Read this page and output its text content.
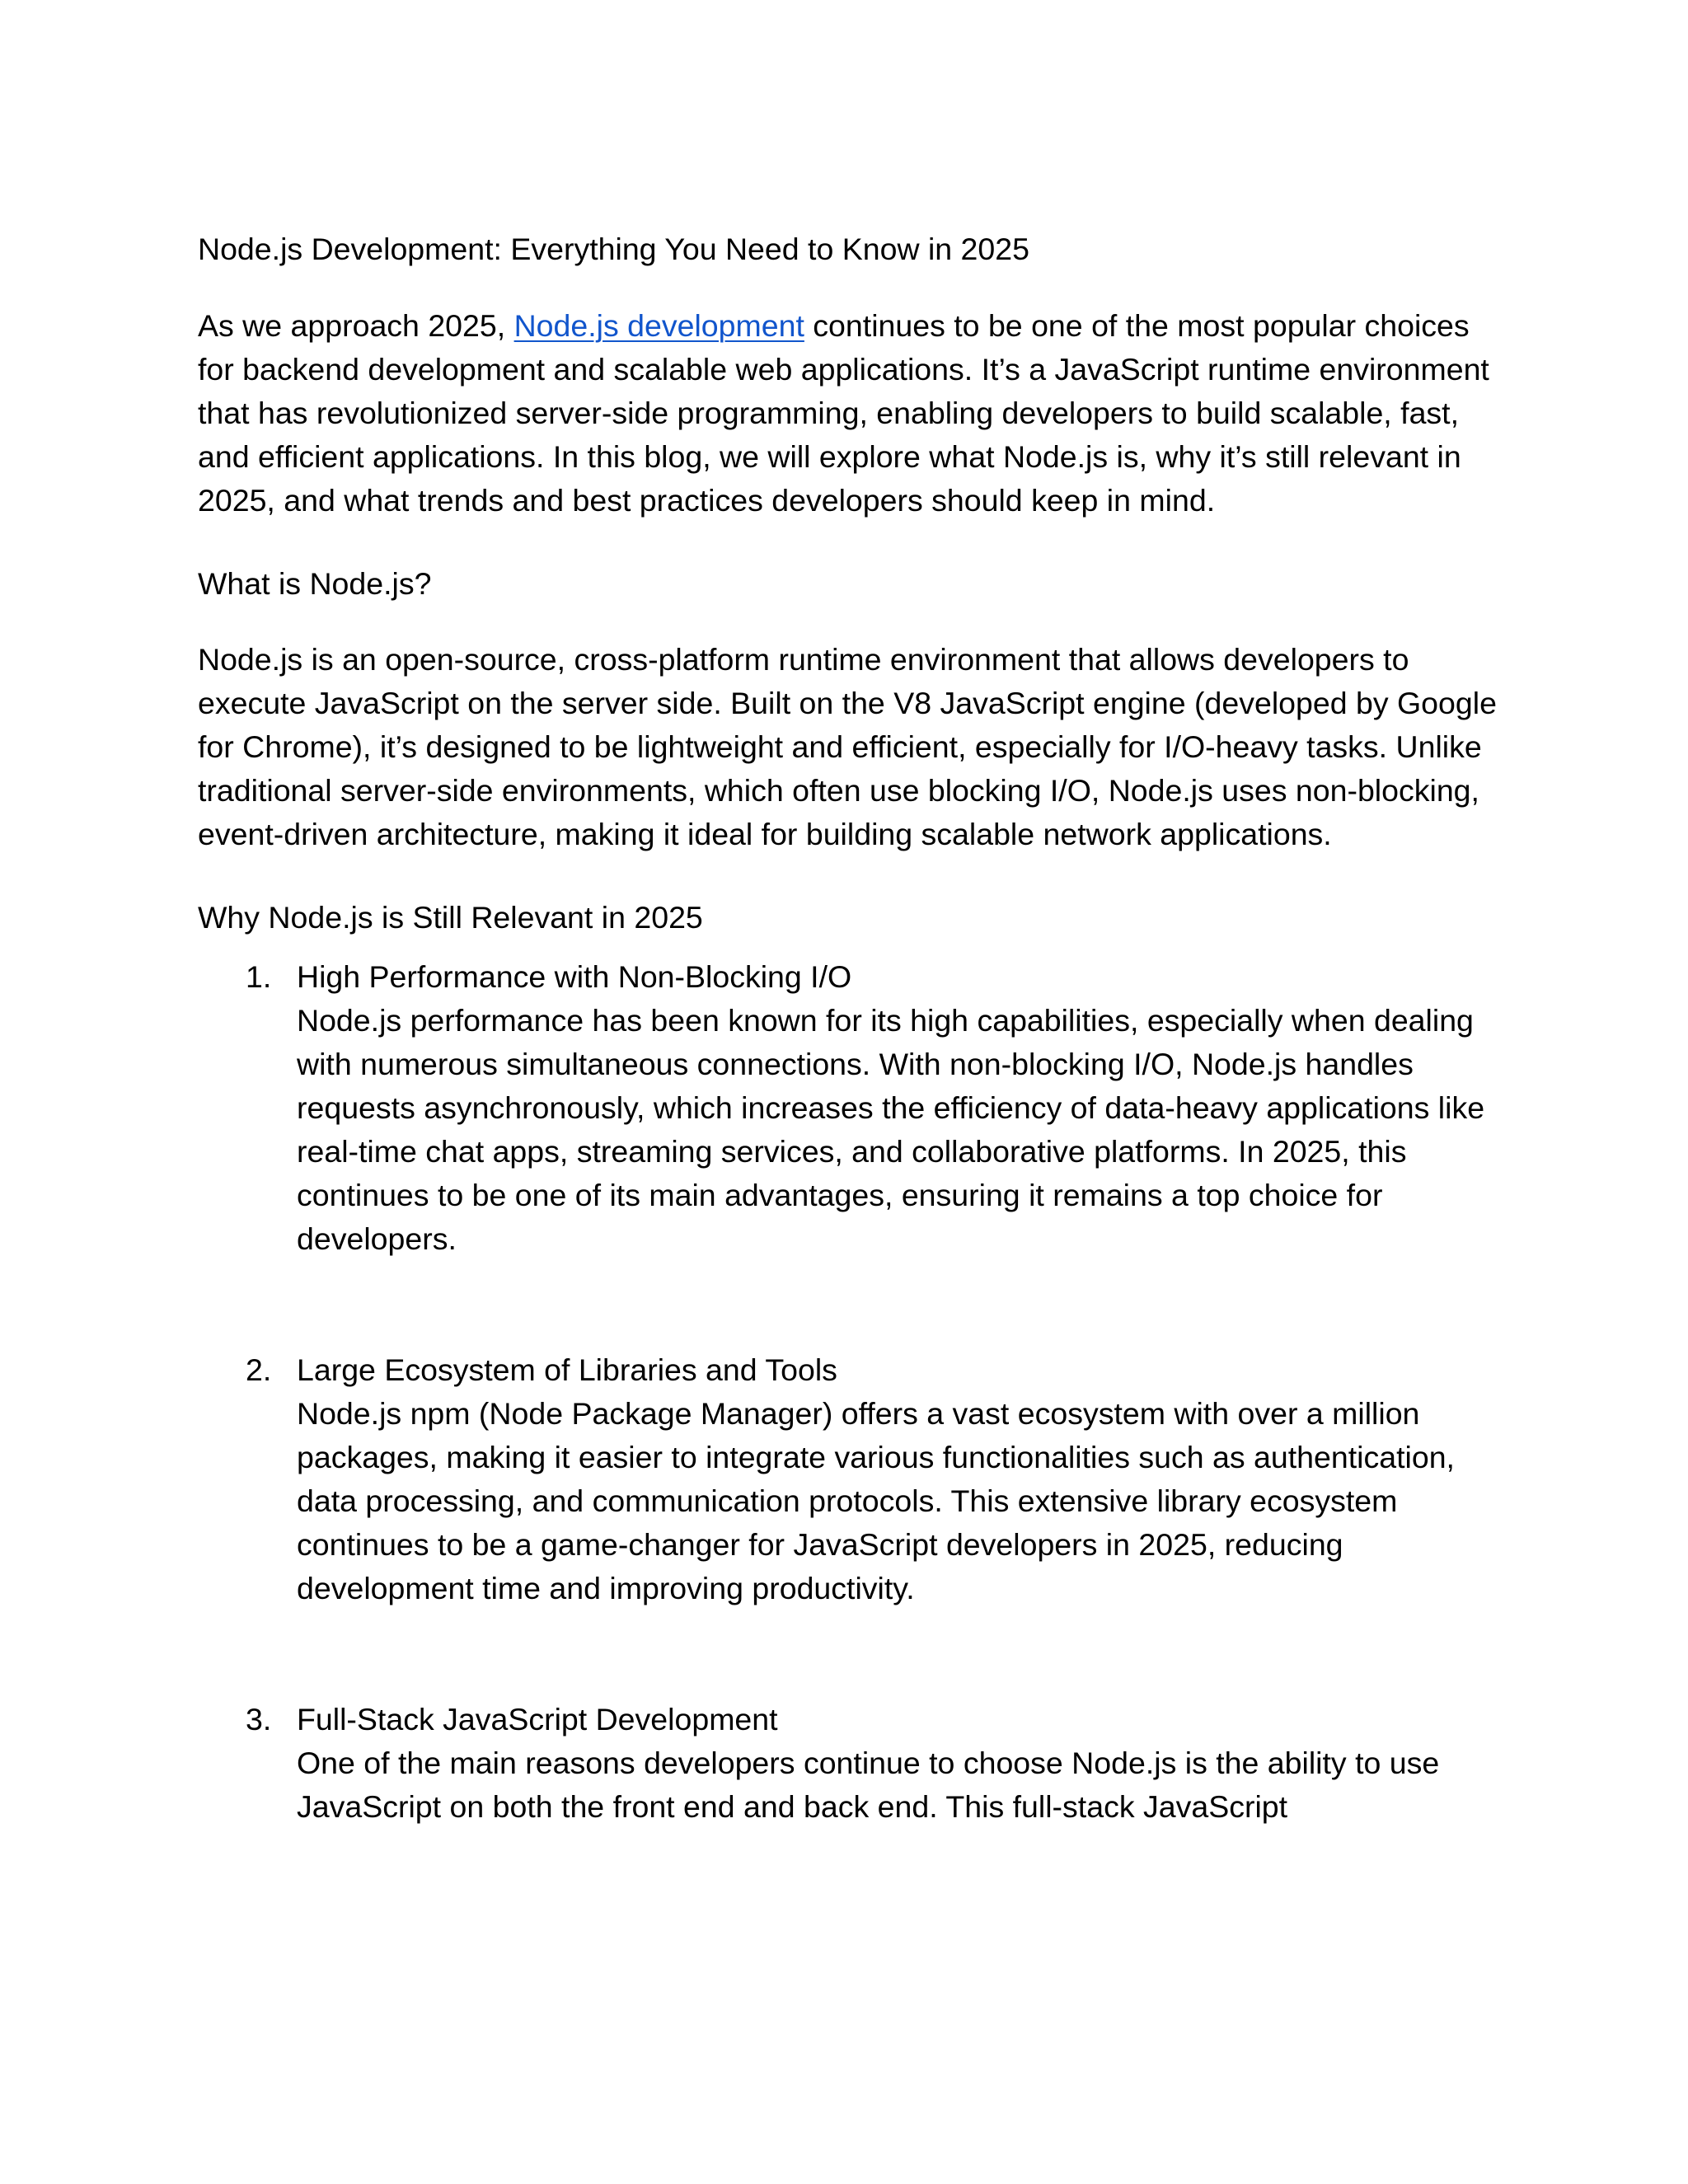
Node.js Development: Everything You Need to Know in 2025

As we approach 2025, Node.js development continues to be one of the most popular choices for backend development and scalable web applications. It’s a JavaScript runtime environment that has revolutionized server-side programming, enabling developers to build scalable, fast, and efficient applications. In this blog, we will explore what Node.js is, why it’s still relevant in 2025, and what trends and best practices developers should keep in mind.

What is Node.js?

Node.js is an open-source, cross-platform runtime environment that allows developers to execute JavaScript on the server side. Built on the V8 JavaScript engine (developed by Google for Chrome), it’s designed to be lightweight and efficient, especially for I/O-heavy tasks. Unlike traditional server-side environments, which often use blocking I/O, Node.js uses non-blocking, event-driven architecture, making it ideal for building scalable network applications.

Why Node.js is Still Relevant in 2025

1. High Performance with Non-Blocking I/O
Node.js performance has been known for its high capabilities, especially when dealing with numerous simultaneous connections. With non-blocking I/O, Node.js handles requests asynchronously, which increases the efficiency of data-heavy applications like real-time chat apps, streaming services, and collaborative platforms. In 2025, this continues to be one of its main advantages, ensuring it remains a top choice for developers.
2. Large Ecosystem of Libraries and Tools
Node.js npm (Node Package Manager) offers a vast ecosystem with over a million packages, making it easier to integrate various functionalities such as authentication, data processing, and communication protocols. This extensive library ecosystem continues to be a game-changer for JavaScript developers in 2025, reducing development time and improving productivity.
3. Full-Stack JavaScript Development
One of the main reasons developers continue to choose Node.js is the ability to use JavaScript on both the front end and back end. This full-stack JavaScript
